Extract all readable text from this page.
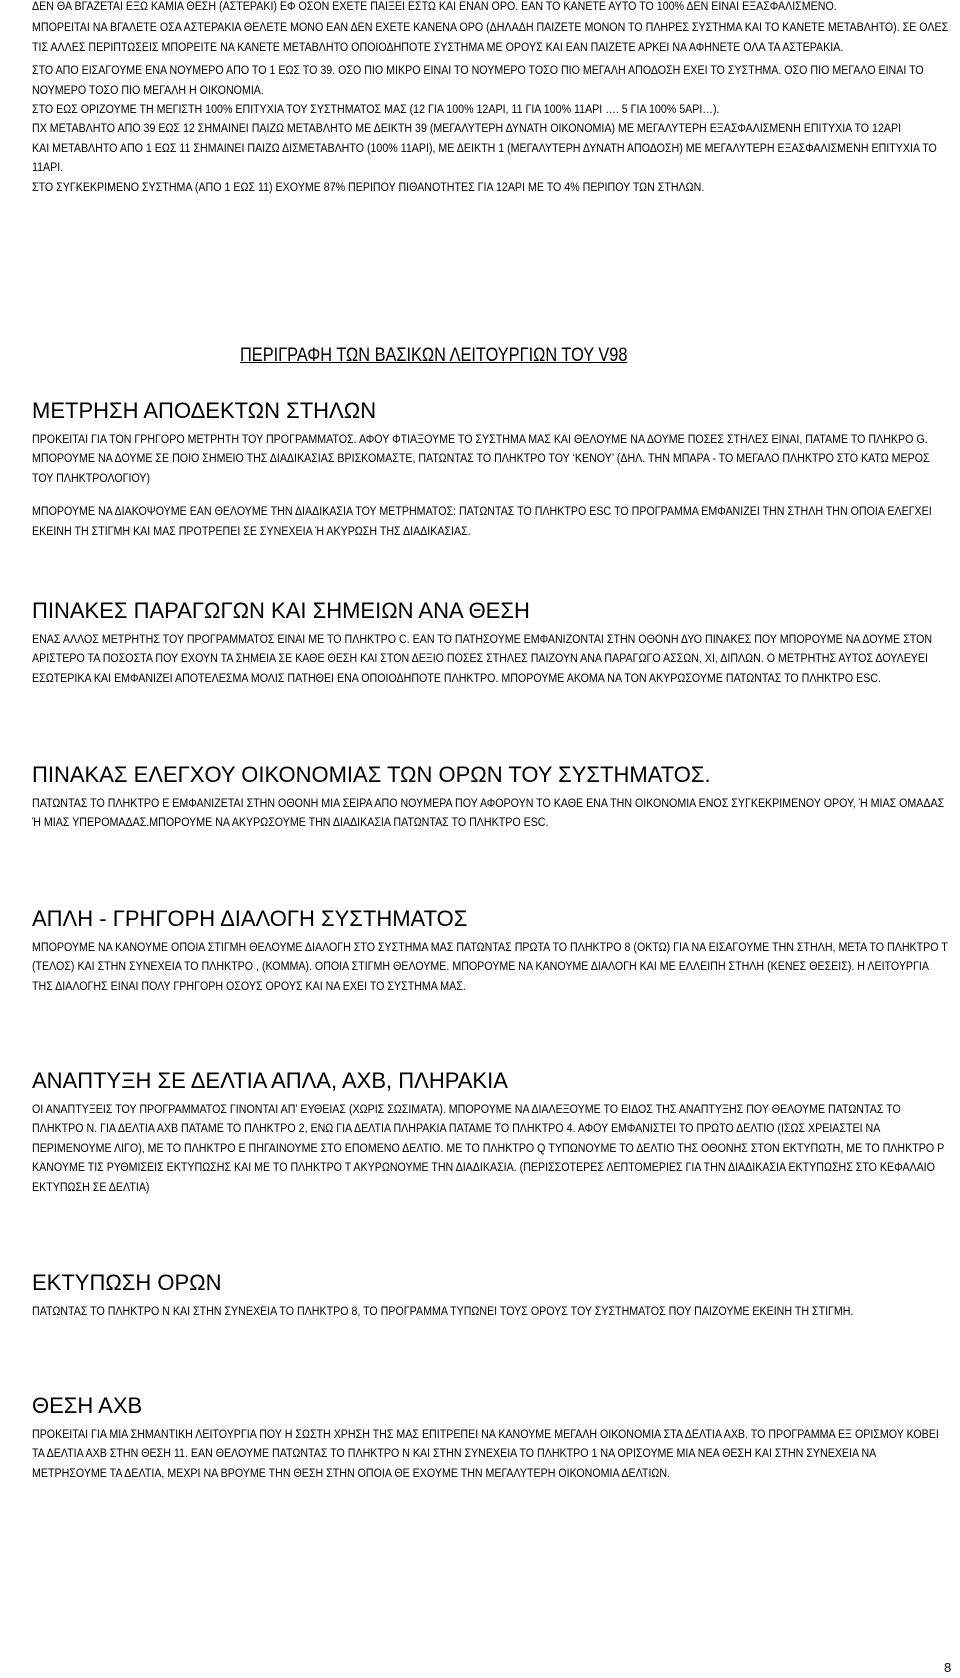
ΔΕΝ ΘΑ ΒΓΑΖΕΤΑΙ ΕΞΩ ΚΑΜΙΑ ΘΕΣΗ (ΑΣΤΕΡΑΚΙ) ΕΦ ΟΣΟΝ ΕΧΕΤΕ ΠΑΙΞΕΙ ΕΣΤΩ ΚΑΙ ΕΝΑΝ ΟΡΟ. ΕΑΝ ΤΟ ΚΑΝΕΤΕ ΑΥΤΟ ΤΟ 100% ΔΕΝ ΕΙΝΑΙ ΕΞΑΣΦΑΛΙΣΜΕΝΟ.

ΜΠΟΡΕΙΤΑΙ ΝΑ ΒΓΑΛΕΤΕ ΟΣΑ ΑΣΤΕΡΑΚΙΑ ΘΕΛΕΤΕ ΜΟΝΟ ΕΑΝ ΔΕΝ ΕΧΕΤΕ ΚΑΝΕΝΑ ΟΡΟ (ΔΗΛΑΔΗ ΠΑΙΖΕΤΕ ΜΟΝΟΝ ΤΟ ΠΛΗΡΕΣ ΣΥΣΤΗΜΑ ΚΑΙ ΤΟ ΚΑΝΕΤΕ ΜΕΤΑΒΛΗΤΟ). ΣΕ ΟΛΕΣ ΤΙΣ ΑΛΛΕΣ ΠΕΡΙΠΤΩΣΕΙΣ ΜΠΟΡΕΙΤΕ ΝΑ ΚΑΝΕΤΕ ΜΕΤΑΒΛΗΤΟ ΟΠΟΙΟΔΗΠΟΤΕ ΣΥΣΤΗΜΑ ΜΕ ΟΡΟΥΣ ΚΑΙ ΕΑΝ ΠΑΙΖΕΤΕ ΑΡΚΕΙ ΝΑ ΑΦΗΝΕΤΕ ΟΛΑ ΤΑ ΑΣΤΕΡΑΚΙΑ.

ΣΤΟ ΑΠΟ ΕΙΣΑΓΟΥΜΕ ΕΝΑ ΝΟΥΜΕΡΟ ΑΠΟ ΤΟ 1 ΕΩΣ ΤΟ 39. ΟΣΟ ΠΙΟ ΜΙΚΡΟ ΕΙΝΑΙ ΤΟ ΝΟΥΜΕΡΟ ΤΟΣΟ ΠΙΟ ΜΕΓΑΛΗ ΑΠΟΔΟΣΗ ΕΧΕΙ ΤΟ ΣΥΣΤΗΜΑ. ΟΣΟ ΠΙΟ ΜΕΓΑΛΟ ΕΙΝΑΙ ΤΟ ΝΟΥΜΕΡΟ ΤΟΣΟ ΠΙΟ ΜΕΓΑΛΗ Η ΟΙΚΟΝΟΜΙΑ.

ΣΤΟ ΕΩΣ ΟΡΙΖΟΥΜΕ ΤΗ ΜΕΓΙΣΤΗ 100% ΕΠΙΤΥΧΙΑ ΤΟΥ ΣΥΣΤΗΜΑΤΟΣ ΜΑΣ (12 ΓΙΑ 100% 12ΑΡΙ, 11 ΓΙΑ 100% 11ΑΡΙ …. 5 ΓΙΑ 100% 5ΑΡΙ…).

ΠΧ ΜΕΤΑΒΛΗΤΟ ΑΠΟ 39 ΕΩΣ 12 ΣΗΜΑΙΝΕΙ ΠΑΙΖΩ ΜΕΤΑΒΛΗΤΟ ΜΕ ΔΕΙΚΤΗ 39 (ΜΕΓΑΛΥΤΕΡΗ ΔΥΝΑΤΗ ΟΙΚΟΝΟΜΙΑ) ΜΕ ΜΕΓΑΛΥΤΕΡΗ ΕΞΑΣΦΑΛΙΣΜΕΝΗ ΕΠΙΤΥΧΙΑ ΤΟ 12ΑΡΙ

ΚΑΙ ΜΕΤΑΒΛΗΤΟ ΑΠΟ 1 ΕΩΣ 11 ΣΗΜΑΙΝΕΙ ΠΑΙΖΩ ΔΙΣΜΕΤΑΒΛΗΤΟ (100% 11ΑΡΙ), ΜΕ ΔΕΙΚΤΗ 1 (ΜΕΓΑΛΥΤΕΡΗ ΔΥΝΑΤΗ ΑΠΟΔΟΣΗ) ΜΕ ΜΕΓΑΛΥΤΕΡΗ ΕΞΑΣΦΑΛΙΣΜΕΝΗ ΕΠΙΤΥΧΙΑ ΤΟ 11ΑΡΙ.

ΣΤΟ ΣΥΓΚΕΚΡΙΜΕΝΟ ΣΥΣΤΗΜΑ (ΑΠΟ 1 ΕΩΣ 11) ΕΧΟΥΜΕ 87% ΠΕΡΙΠΟΥ ΠΙΘΑΝΟΤΗΤΕΣ ΓΙΑ 12ΑΡΙ ΜΕ ΤΟ 4% ΠΕΡΙΠΟΥ ΤΩΝ ΣΤΗΛΩΝ.

ΠΕΡΙΓΡΑΦΗ ΤΩΝ ΒΑΣΙΚΩΝ ΛΕΙΤΟΥΡΓΙΩΝ ΤΟΥ V98
ΜΕΤΡΗΣΗ ΑΠΟΔΕΚΤΩΝ ΣΤΗΛΩΝ

ΠΡΟΚΕΙΤΑΙ ΓΙΑ ΤΟΝ ΓΡΗΓΟΡΟ ΜΕΤΡΗΤΗ ΤΟΥ ΠΡΟΓΡΑΜΜΑΤΟΣ. ΑΦΟΥ ΦΤΙΑΞΟΥΜΕ ΤΟ ΣΥΣΤΗΜΑ ΜΑΣ ΚΑΙ ΘΕΛΟΥΜΕ ΝΑ ΔΟΥΜΕ ΠΟΣΕΣ ΣΤΗΛΕΣ ΕΙΝΑΙ, ΠΑΤΑΜΕ ΤΟ ΠΛΗΚΡΟ G. ΜΠΟΡΟΥΜΕ ΝΑ ΔΟΥΜΕ ΣΕ ΠΟΙΟ ΣΗΜΕΙΟ ΤΗΣ ΔΙΑΔΙΚΑΣΙΑΣ ΒΡΙΣΚΟΜΑΣΤΕ, ΠΑΤΩΝΤΑΣ ΤΟ ΠΛΗΚΤΡΟ ΤΟΥ ‘ΚΕΝΟΥ’ (ΔΗΛ. ΤΗΝ ΜΠΑΡΑ - ΤΟ ΜΕΓΑΛΟ ΠΛΗΚΤΡΟ ΣΤΟ ΚΑΤΩ ΜΕΡΟΣ ΤΟΥ ΠΛΗΚΤΡΟΛΟΓΙΟΥ)

ΜΠΟΡΟΥΜΕ ΝΑ ΔΙΑΚΟΨΟΥΜΕ ΕΑΝ ΘΕΛΟΥΜΕ ΤΗΝ ΔΙΑΔΙΚΑΣΙΑ ΤΟΥ ΜΕΤΡΗΜΑΤΟΣ: ΠΑΤΩΝΤΑΣ ΤΟ ΠΛΗΚΤΡΟ ESC ΤΟ ΠΡΟΓΡΑΜΜΑ ΕΜΦΑΝΙΖΕΙ ΤΗΝ ΣΤΗΛΗ ΤΗΝ ΟΠΟΙΑ ΕΛΕΓΧΕΙ ΕΚΕΙΝΗ ΤΗ ΣΤΙΓΜΗ ΚΑΙ ΜΑΣ ΠΡΟΤΡΕΠΕΙ ΣΕ ΣΥΝΕΧΕΙΑ Ή ΑΚΥΡΩΣΗ ΤΗΣ ΔΙΑΔΙΚΑΣΙΑΣ.

ΠΙΝΑΚΕΣ ΠΑΡΑΓΩΓΩΝ ΚΑΙ ΣΗΜΕΙΩΝ ΑΝΑ ΘΕΣΗ

ΕΝΑΣ ΑΛΛΟΣ ΜΕΤΡΗΤΗΣ ΤΟΥ ΠΡΟΓΡΑΜΜΑΤΟΣ ΕΙΝΑΙ ΜΕ ΤΟ ΠΛΗΚΤΡΟ C. ΕΑΝ ΤΟ ΠΑΤΗΣΟΥΜΕ ΕΜΦΑΝΙΖΟΝΤΑΙ ΣΤΗΝ ΟΘΟΝΗ ΔΥΟ ΠΙΝΑΚΕΣ ΠΟΥ ΜΠΟΡΟΥΜΕ ΝΑ ΔΟΥΜΕ ΣΤΟΝ ΑΡΙΣΤΕΡΟ ΤΑ ΠΟΣΟΣΤΑ ΠΟΥ ΕΧΟΥΝ ΤΑ ΣΗΜΕΙΑ ΣΕ ΚΑΘΕ ΘΕΣΗ ΚΑΙ ΣΤΟΝ ΔΕΞΙΟ ΠΟΣΕΣ ΣΤΗΛΕΣ ΠΑΙΖΟΥΝ ΑΝΑ ΠΑΡΑΓΩΓΟ ΑΣΣΩΝ, ΧΙ, ΔΙΠΛΩΝ. Ο ΜΕΤΡΗΤΗΣ ΑΥΤΟΣ ΔΟΥΛΕΥΕΙ ΕΣΩΤΕΡΙΚΑ ΚΑΙ ΕΜΦΑΝΙΖΕΙ ΑΠΟΤΕΛΕΣΜΑ ΜΟΛΙΣ ΠΑΤΗΘΕΙ ΕΝΑ ΟΠΟΙΟΔΗΠΟΤΕ ΠΛΗΚΤΡΟ. ΜΠΟΡΟΥΜΕ ΑΚΟΜΑ ΝΑ ΤΟΝ ΑΚΥΡΩΣΟΥΜΕ ΠΑΤΩΝΤΑΣ ΤΟ ΠΛΗΚΤΡΟ ESC.

ΠΙΝΑΚΑΣ ΕΛΕΓΧΟΥ ΟΙΚΟΝΟΜΙΑΣ ΤΩΝ ΟΡΩΝ ΤΟΥ ΣΥΣΤΗΜΑΤΟΣ.

ΠΑΤΩΝΤΑΣ ΤΟ ΠΛΗΚΤΡΟ Ε ΕΜΦΑΝΙΖΕΤΑΙ ΣΤΗΝ ΟΘΟΝΗ ΜΙΑ ΣΕΙΡΑ ΑΠΟ ΝΟΥΜΕΡΑ ΠΟΥ ΑΦΟΡΟΥΝ ΤΟ ΚΑΘΕ ΕΝΑ ΤΗΝ ΟΙΚΟΝΟΜΙΑ ΕΝΟΣ ΣΥΓΚΕΚΡΙΜΕΝΟΥ ΟΡΟΥ, Ή ΜΙΑΣ ΟΜΑΔΑΣ Ή ΜΙΑΣ ΥΠΕΡΟΜΑΔΑΣ.ΜΠΟΡΟΥΜΕ ΝΑ ΑΚΥΡΩΣΟΥΜΕ ΤΗΝ ΔΙΑΔΙΚΑΣΙΑ ΠΑΤΩΝΤΑΣ ΤΟ ΠΛΗΚΤΡΟ ESC.

ΑΠΛΗ - ΓΡΗΓΟΡΗ ΔΙΑΛΟΓΗ ΣΥΣΤΗΜΑΤΟΣ

ΜΠΟΡΟΥΜΕ ΝΑ ΚΑΝΟΥΜΕ ΟΠΟΙΑ ΣΤΙΓΜΗ ΘΕΛΟΥΜΕ ΔΙΑΛΟΓΗ ΣΤΟ ΣΥΣΤΗΜΑ ΜΑΣ ΠΑΤΩΝΤΑΣ ΠΡΩΤΑ ΤΟ ΠΛΗΚΤΡΟ 8 (ΟΚΤΩ) ΓΙΑ ΝΑ ΕΙΣΑΓΟΥΜΕ ΤΗΝ ΣΤΗΛΗ, ΜΕΤΑ ΤΟ ΠΛΗΚΤΡΟ Τ (ΤΕΛΟΣ) ΚΑΙ ΣΤΗΝ ΣΥΝΕΧΕΙΑ ΤΟ ΠΛΗΚΤΡΟ , (ΚΟΜΜΑ). ΟΠΟΙΑ ΣΤΙΓΜΗ ΘΕΛΟΥΜΕ. ΜΠΟΡΟΥΜΕ ΝΑ ΚΑΝΟΥΜΕ ΔΙΑΛΟΓΗ ΚΑΙ ΜΕ ΕΛΛΕΙΠΗ ΣΤΗΛΗ (ΚΕΝΕΣ ΘΕΣΕΙΣ). Η ΛΕΙΤΟΥΡΓΙΑ ΤΗΣ ΔΙΑΛΟΓΗΣ ΕΙΝΑΙ ΠΟΛΥ ΓΡΗΓΟΡΗ ΟΣΟΥΣ ΟΡΟΥΣ ΚΑΙ ΝΑ ΕΧΕΙ ΤΟ ΣΥΣΤΗΜΑ ΜΑΣ.

ΑΝΑΠΤΥΞΗ ΣΕ ΔΕΛΤΙΑ ΑΠΛΑ, ΑΧΒ, ΠΛΗΡΑΚΙΑ

ΟΙ ΑΝΑΠΤΥΞΕΙΣ ΤΟΥ ΠΡΟΓΡΑΜΜΑΤΟΣ ΓΙΝΟΝΤΑΙ ΑΠ’ ΕΥΘΕΙΑΣ (ΧΩΡΙΣ ΣΩΣΙΜΑΤΑ). ΜΠΟΡΟΥΜΕ ΝΑ ΔΙΑΛΕΞΟΥΜΕ ΤΟ ΕΙΔΟΣ ΤΗΣ ΑΝΑΠΤΥΞΗΣ ΠΟΥ ΘΕΛΟΥΜΕ ΠΑΤΩΝΤΑΣ ΤΟ ΠΛΗΚΤΡΟ Ν. ΓΙΑ ΔΕΛΤΙΑ ΑΧΒ ΠΑΤΑΜΕ ΤΟ ΠΛΗΚΤΡΟ 2, ΕΝΩ ΓΙΑ ΔΕΛΤΙΑ ΠΛΗΡΑΚΙΑ ΠΑΤΑΜΕ ΤΟ ΠΛΗΚΤΡΟ 4. ΑΦΟΥ ΕΜΦΑΝΙΣΤΕΙ ΤΟ ΠΡΩΤΟ ΔΕΛΤΙΟ (ΙΣΩΣ ΧΡΕΙΑΣΤΕΙ ΝΑ ΠΕΡΙΜΕΝΟΥΜΕ ΛΙΓΟ), ΜΕ ΤΟ ΠΛΗΚΤΡΟ Ε ΠΗΓΑΙΝΟΥΜΕ ΣΤΟ ΕΠΟΜΕΝΟ ΔΕΛΤΙΟ. ΜΕ ΤΟ ΠΛΗΚΤΡΟ Q ΤΥΠΩΝΟΥΜΕ ΤΟ ΔΕΛΤΙΟ ΤΗΣ ΟΘΟΝΗΣ ΣΤΟΝ ΕΚΤΥΠΩΤΗ, ΜΕ ΤΟ ΠΛΗΚΤΡΟ P ΚΑΝΟΥΜΕ ΤΙΣ ΡΥΘΜΙΣΕΙΣ ΕΚΤΥΠΩΣΗΣ ΚΑΙ ΜΕ ΤΟ ΠΛΗΚΤΡΟ Τ ΑΚΥΡΩΝΟΥΜΕ ΤΗΝ ΔΙΑΔΙΚΑΣΙΑ. (ΠΕΡΙΣΣΟΤΕΡΕΣ ΛΕΠΤΟΜΕΡΙΕΣ ΓΙΑ ΤΗΝ ΔΙΑΔΙΚΑΣΙΑ ΕΚΤΥΠΩΣΗΣ ΣΤΟ ΚΕΦΑΛΑΙΟ ΕΚΤΥΠΩΣΗ ΣΕ ΔΕΛΤΙΑ)

ΕΚΤΥΠΩΣΗ ΟΡΩΝ

ΠΑΤΩΝΤΑΣ ΤΟ ΠΛΗΚΤΡΟ Ν ΚΑΙ ΣΤΗΝ ΣΥΝΕΧΕΙΑ ΤΟ ΠΛΗΚΤΡΟ 8, ΤΟ ΠΡΟΓΡΑΜΜΑ ΤΥΠΩΝΕΙ ΤΟΥΣ ΟΡΟΥΣ ΤΟΥ ΣΥΣΤΗΜΑΤΟΣ ΠΟΥ ΠΑΙΖΟΥΜΕ ΕΚΕΙΝΗ ΤΗ ΣΤΙΓΜΗ.

ΘΕΣΗ ΑΧΒ

ΠΡΟΚΕΙΤΑΙ ΓΙΑ ΜΙΑ ΣΗΜΑΝΤΙΚΗ ΛΕΙΤΟΥΡΓΙΑ ΠΟΥ Η ΣΩΣΤΗ ΧΡΗΣΗ ΤΗΣ ΜΑΣ ΕΠΙΤΡΕΠΕΙ ΝΑ ΚΑΝΟΥΜΕ ΜΕΓΑΛΗ ΟΙΚΟΝΟΜΙΑ ΣΤΑ ΔΕΛΤΙΑ ΑΧΒ. ΤΟ ΠΡΟΓΡΑΜΜΑ ΕΞ ΟΡΙΣΜΟΥ ΚΟΒΕΙ ΤΑ ΔΕΛΤΙΑ ΑΧΒ ΣΤΗΝ ΘΕΣΗ 11. ΕΑΝ ΘΕΛΟΥΜΕ ΠΑΤΩΝΤΑΣ ΤΟ ΠΛΗΚΤΡΟ Ν ΚΑΙ ΣΤΗΝ ΣΥΝΕΧΕΙΑ ΤΟ ΠΛΗΚΤΡΟ 1 ΝΑ ΟΡΙΣΟΥΜΕ ΜΙΑ ΝΕΑ ΘΕΣΗ ΚΑΙ ΣΤΗΝ ΣΥΝΕΧΕΙΑ ΝΑ ΜΕΤΡΗΣΟΥΜΕ ΤΑ ΔΕΛΤΙΑ, ΜΕΧΡΙ ΝΑ ΒΡΟΥΜΕ ΤΗΝ ΘΕΣΗ ΣΤΗΝ ΟΠΟΙΑ ΘΕ ΕΧΟΥΜΕ ΤΗΝ ΜΕΓΑΛΥΤΕΡΗ ΟΙΚΟΝΟΜΙΑ ΔΕΛΤΙΩΝ.

8
